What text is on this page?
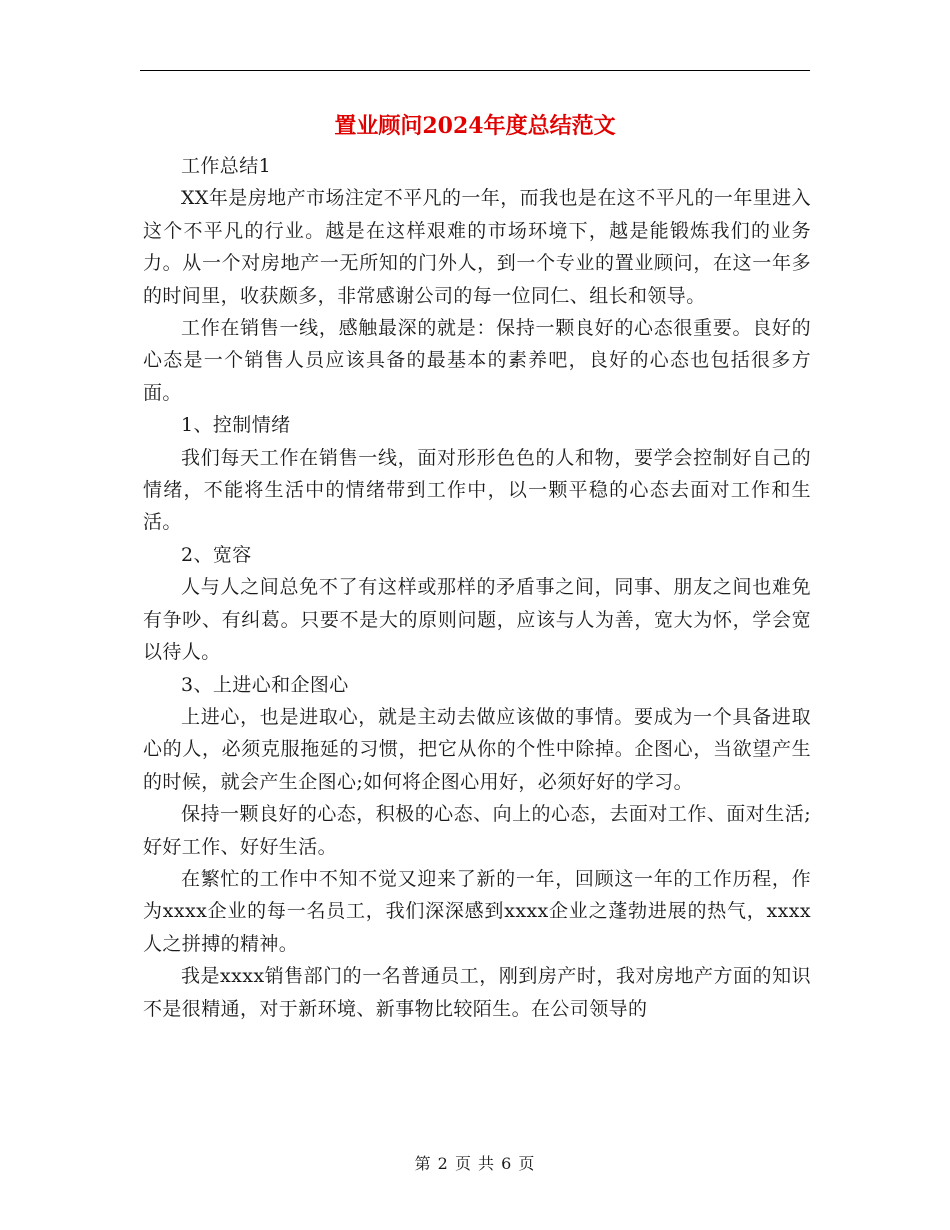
置业顾问2024年度总结范文

工作总结1

XX年是房地产市场注定不平凡的一年，而我也是在这不平凡的一年里进入这个不平凡的行业。越是在这样艰难的市场环境下，越是能锻炼我们的业务力。从一个对房地产一无所知的门外人，到一个专业的置业顾问，在这一年多的时间里，收获颇多，非常感谢公司的每一位同仁、组长和领导。

工作在销售一线，感触最深的就是：保持一颗良好的心态很重要。良好的心态是一个销售人员应该具备的最基本的素养吧，良好的心态也包括很多方面。

1、控制情绪

我们每天工作在销售一线，面对形形色色的人和物，要学会控制好自己的情绪，不能将生活中的情绪带到工作中，以一颗平稳的心态去面对工作和生活。

2、宽容

人与人之间总免不了有这样或那样的矛盾事之间，同事、朋友之间也难免有争吵、有纠葛。只要不是大的原则问题，应该与人为善，宽大为怀，学会宽以待人。

3、上进心和企图心

上进心，也是进取心，就是主动去做应该做的事情。要成为一个具备进取心的人，必须克服拖延的习惯，把它从你的个性中除掉。企图心，当欲望产生的时候，就会产生企图心;如何将企图心用好，必须好好的学习。

保持一颗良好的心态，积极的心态、向上的心态，去面对工作、面对生活;好好工作、好好生活。

在繁忙的工作中不知不觉又迎来了新的一年，回顾这一年的工作历程，作为xxxx企业的每一名员工，我们深深感到xxxx企业之蓬勃进展的热气，xxxx人之拼搏的精神。

我是xxxx销售部门的一名普通员工，刚到房产时，我对房地产方面的知识不是很精通，对于新环境、新事物比较陌生。在公司领导的

第 2 页 共 6 页
